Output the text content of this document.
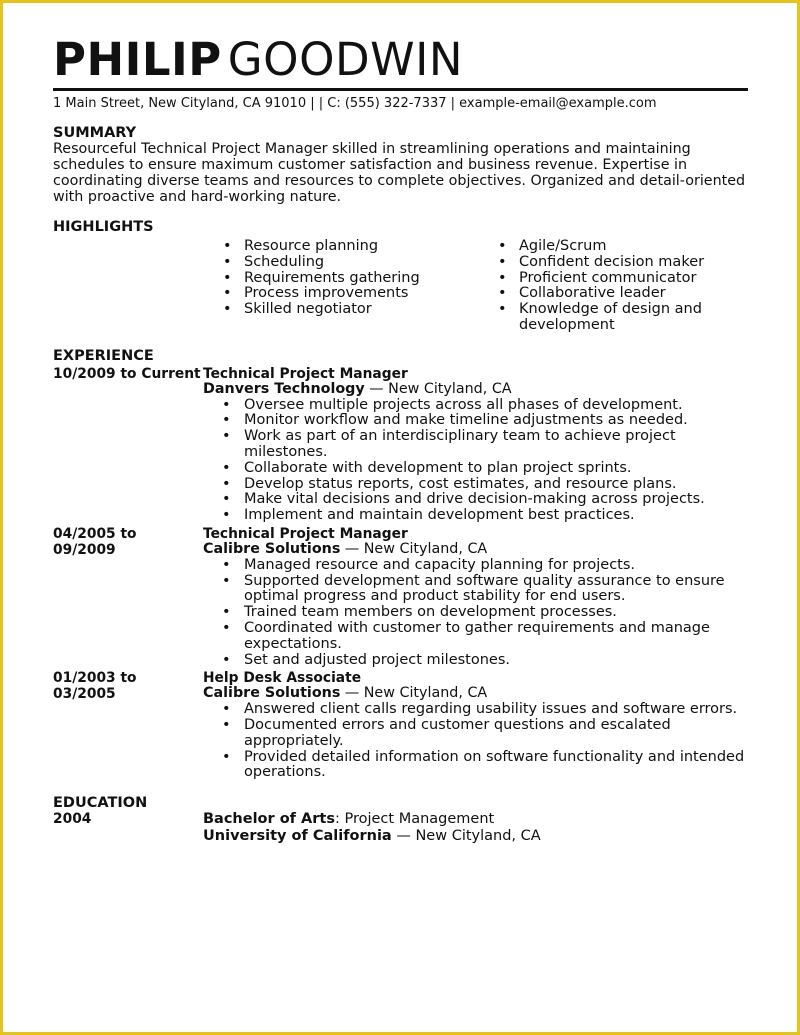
PHILIP GOODWIN
1 Main Street, New Cityland, CA 91010 | | C: (555) 322-7337 | example-email@example.com
SUMMARY
Resourceful Technical Project Manager skilled in streamlining operations and maintaining schedules to ensure maximum customer satisfaction and business revenue. Expertise in coordinating diverse teams and resources to complete objectives. Organized and detail-oriented with proactive and hard-working nature.
HIGHLIGHTS
• Resource planning
• Scheduling
• Requirements gathering
• Process improvements
• Skilled negotiator
• Agile/Scrum
• Confident decision maker
• Proficient communicator
• Collaborative leader
• Knowledge of design and development
EXPERIENCE
10/2009 to Current Technical Project Manager
Danvers Technology — New Cityland, CA
• Oversee multiple projects across all phases of development.
• Monitor workflow and make timeline adjustments as needed.
• Work as part of an interdisciplinary team to achieve project milestones.
• Collaborate with development to plan project sprints.
• Develop status reports, cost estimates, and resource plans.
• Make vital decisions and drive decision-making across projects.
• Implement and maintain development best practices.
04/2005 to 09/2009
Technical Project Manager
Calibre Solutions — New Cityland, CA
• Managed resource and capacity planning for projects.
• Supported development and software quality assurance to ensure optimal progress and product stability for end users.
• Trained team members on development processes.
• Coordinated with customer to gather requirements and manage expectations.
• Set and adjusted project milestones.
01/2003 to 03/2005
Help Desk Associate
Calibre Solutions — New Cityland, CA
• Answered client calls regarding usability issues and software errors.
• Documented errors and customer questions and escalated appropriately.
• Provided detailed information on software functionality and intended operations.
EDUCATION
2004	Bachelor of Arts: Project Management
University of California — New Cityland, CA
